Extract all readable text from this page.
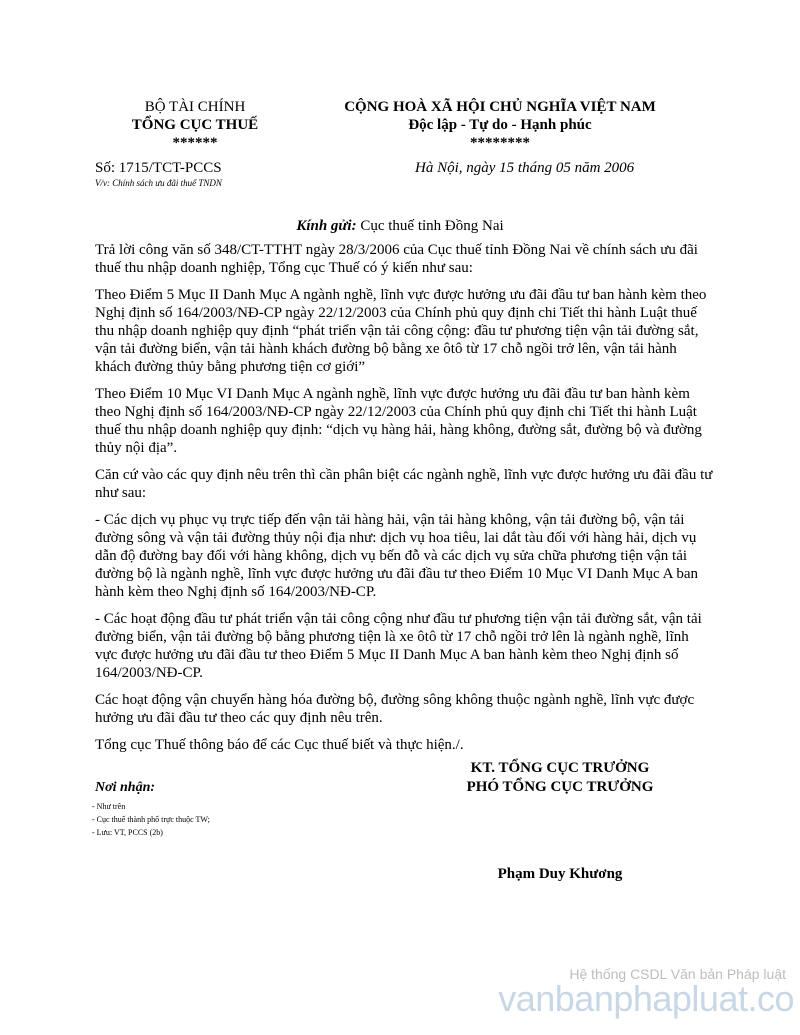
BỘ TÀI CHÍNH
TỔNG CỤC THUẾ
******
CỘNG HOÀ XÃ HỘI CHỦ NGHĨA VIỆT NAM
Độc lập - Tự do - Hạnh phúc
********
Số: 1715/TCT-PCCS
V/v: Chính sách ưu đãi thuế TNDN
Hà Nội, ngày 15 tháng 05 năm 2006
Kính gửi: Cục thuế tỉnh Đồng Nai

Trả lời công văn số 348/CT-TTHT ngày 28/3/2006 của Cục thuế tỉnh Đồng Nai về chính sách ưu đãi thuế thu nhập doanh nghiệp, Tổng cục Thuế có ý kiến như sau:

Theo Điểm 5 Mục II Danh Mục A ngành nghề, lĩnh vực được hưởng ưu đãi đầu tư ban hành kèm theo Nghị định số 164/2003/NĐ-CP ngày 22/12/2003 của Chính phủ quy định chi Tiết thi hành Luật thuế thu nhập doanh nghiệp quy định “phát triển vận tải công cộng: đầu tư phương tiện vận tải đường sắt, vận tải đường biển, vận tải hành khách đường bộ bằng xe ôtô từ 17 chỗ ngồi trở lên, vận tải hành khách đường thủy bằng phương tiện cơ giới”

Theo Điểm 10 Mục VI Danh Mục A ngành nghề, lĩnh vực được hưởng ưu đãi đầu tư ban hành kèm theo Nghị định số 164/2003/NĐ-CP ngày 22/12/2003 của Chính phủ quy định chi Tiết thi hành Luật thuế thu nhập doanh nghiệp quy định: “dịch vụ hàng hải, hàng không, đường sắt, đường bộ và đường thủy nội địa”.

Căn cứ vào các quy định nêu trên thì cần phân biệt các ngành nghề, lĩnh vực được hưởng ưu đãi đầu tư như sau:

- Các dịch vụ phục vụ trực tiếp đến vận tải hàng hải, vận tải hàng không, vận tải đường bộ, vận tải đường sông và vận tải đường thủy nội địa như: dịch vụ hoa tiêu, lai dắt tàu đối với hàng hải, dịch vụ dẫn độ đường bay đối với hàng không, dịch vụ bến đỗ và các dịch vụ sửa chữa phương tiện vận tải đường bộ là ngành nghề, lĩnh vực được hưởng ưu đãi đầu tư theo Điểm 10 Mục VI Danh Mục A ban hành kèm theo Nghị định số 164/2003/NĐ-CP.

- Các hoạt động đầu tư phát triển vận tải công cộng như đầu tư phương tiện vận tải đường sắt, vận tải đường biển, vận tải đường bộ bằng phương tiện là xe ôtô từ 17 chỗ ngồi trở lên là ngành nghề, lĩnh vực được hưởng ưu đãi đầu tư theo Điểm 5 Mục II Danh Mục A ban hành kèm theo Nghị định số 164/2003/NĐ-CP.

Các hoạt động vận chuyển hàng hóa đường bộ, đường sông không thuộc ngành nghề, lĩnh vực được hưởng ưu đãi đầu tư theo các quy định nêu trên.

Tổng cục Thuế thông báo để các Cục thuế biết và thực hiện./.

KT. TỔNG CỤC TRƯỞNG
PHÓ TỔNG CỤC TRƯỞNG
Nơi nhận:
- Như trên
- Cục thuế thành phố trực thuộc TW;
- Lưu: VT, PCCS (2b)
Phạm Duy Khương
Hệ thống CSDL Văn bản Pháp luật
vanbanphapluat.co
